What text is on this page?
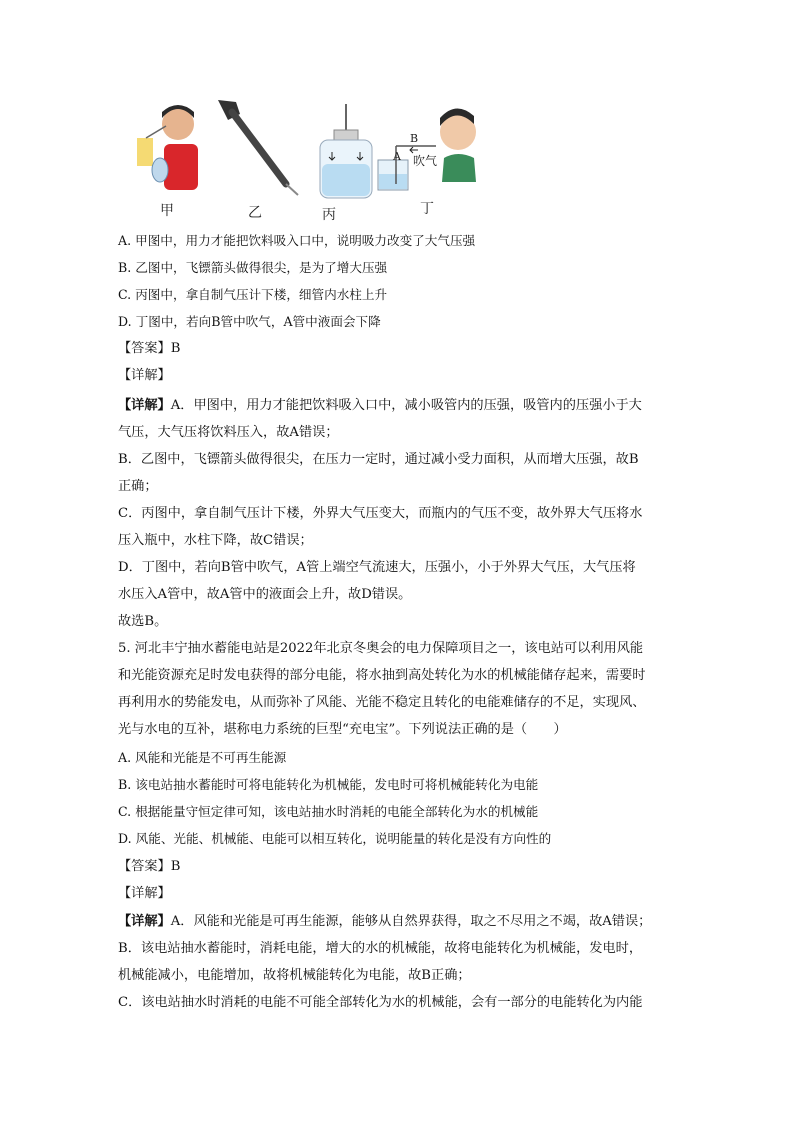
甲	乙	丙
B
A 吹气
丁
A. 甲图中，用力才能把饮料吸入口中，说明吸力改变了大气压强
B. 乙图中，飞镖箭头做得很尖，是为了增大压强
C. 丙图中，拿自制气压计下楼，细管内水柱上升
D. 丁图中，若向B管中吹气，A管中液面会下降
【答案】B
【详解】
【详解】A．甲图中，用力才能把饮料吸入口中，减小吸管内的压强，吸管内的压强小于大
气压，大气压将饮料压入，故A错误；
B．乙图中，飞镖箭头做得很尖，在压力一定时，通过减小受力面积，从而增大压强，故B
正确；
C．丙图中，拿自制气压计下楼，外界大气压变大，而瓶内的气压不变，故外界大气压将水
压入瓶中，水柱下降，故C错误；
D．丁图中，若向B管中吹气，A管上端空气流速大，压强小，小于外界大气压，大气压将
水压入A管中，故A管中的液面会上升，故D错误。
故选B。
5. 河北丰宁抽水蓄能电站是2022年北京冬奥会的电力保障项目之一，该电站可以利用风能
和光能资源充足时发电获得的部分电能，将水抽到高处转化为水的机械能储存起来，需要时
再利用水的势能发电，从而弥补了风能、光能不稳定且转化的电能难储存的不足，实现风、
光与水电的互补，堪称电力系统的巨型“充电宝”。下列说法正确的是（　　）
A. 风能和光能是不可再生能源
B. 该电站抽水蓄能时可将电能转化为机械能，发电时可将机械能转化为电能
C. 根据能量守恒定律可知，该电站抽水时消耗的电能全部转化为水的机械能
D. 风能、光能、机械能、电能可以相互转化，说明能量的转化是没有方向性的
【答案】B
【详解】
【详解】A．风能和光能是可再生能源，能够从自然界获得，取之不尽用之不竭，故A错误；
B．该电站抽水蓄能时，消耗电能，增大的水的机械能，故将电能转化为机械能，发电时，
机械能减小，电能增加，故将机械能转化为电能，故B正确；
C．该电站抽水时消耗的电能不可能全部转化为水的机械能，会有一部分的电能转化为内能
